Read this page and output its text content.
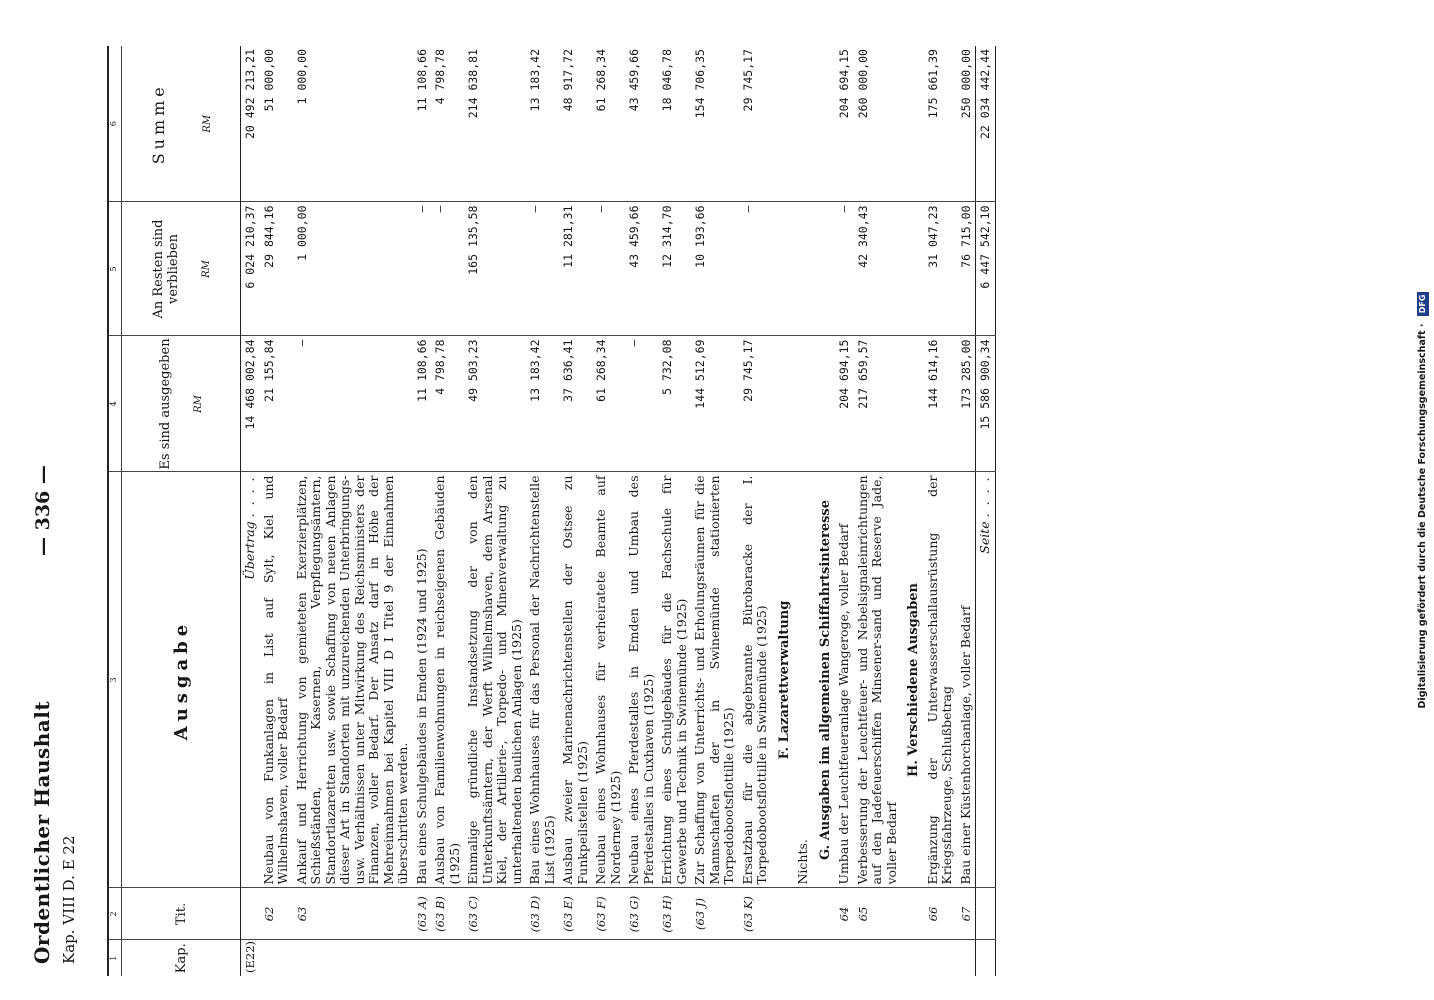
Ordentlicher Haushalt Kap. VIII D. E 22
— 336 —
1	2	3	4	5	6
Kap.	Tit.	Ausgabe	Es sind ausgegeben RM	An Resten sind verblieben RM	Summe RM

(E22)		Übertrag . . . .	14 468 002,84	6 024 210,37	20 492 213,21
	62	Neubau von Funkanlagen in List auf Sylt, Kiel und Wilhelmshaven, voller Bedarf	21 155,84	29 844,16	51 000,00
	63	Ankauf und Herrichtung von gemieteten Exerzierplätzen, Schießständen, Kasernen, Verpflegungsämtern, Standortlazaretten usw. sowie Schaffung von neuen Anlagen dieser Art in Standorten mit unzureichenden Unterbringungs- usw. Verhältnissen unter Mitwirkung des Reichsministers der Finanzen, voller Bedarf. Der Ansatz darf in Höhe der Mehreinnahmen bei Kapitel VIII D I Titel 9 der Einnahmen überschritten werden.	—	1 000,00	1 000,00
	(63 A)	Bau eines Schulgebäudes in Emden (1924 und 1925)	11 108,66	—	11 108,66
	(63 B)	Ausbau von Familienwohnungen in reichseigenen Gebäuden (1925)	4 798,78	—	4 798,78
	(63 C)	Einmalige gründliche Instandsetzung der von den Unterkunftsämtern, der Werft Wilhelmshaven, dem Arsenal Kiel, der Artillerie-, Torpedo- und Minenverwaltung zu unterhaltenden baulichen Anlagen (1925)	49 503,23	165 135,58	214 638,81
	(63 D)	Bau eines Wohnhauses für das Personal der Nachrichtenstelle List (1925)	13 183,42	—	13 183,42
	(63 E)	Ausbau zweier Marinenachrichtenstellen der Ostsee zu Funkpeilstellen (1925)	37 636,41	11 281,31	48 917,72
	(63 F)	Neubau eines Wohnhauses für verheiratete Beamte auf Norderney (1925)	61 268,34	—	61 268,34
	(63 G)	Neubau eines Pferdestalles in Emden und Umbau des Pferdestalles in Cuxhaven (1925)	—	43 459,66	43 459,66
	(63 H)	Errichtung eines Schulgebäudes für die Fachschule für Gewerbe und Technik in Swinemünde (1925)	5 732,08	12 314,70	18 046,78
	(63 J)	Zur Schaffung von Unterrichts- und Erholungsräumen für die Mannschaften der in Swinemünde stationierten Torpedobootsflottille (1925)	144 512,69	10 193,66	154 706,35
	(63 K)	Ersatzbau für die abgebrannte Bürobaracke der I. Torpedobootsflottille in Swinemünde (1925)	29 745,17	—	29 745,17
		F. Lazarettverwaltung			
		Nichts.			
		G. Ausgaben im allgemeinen Schiffahrtsinteresse			
	64	Umbau der Leuchtfeueranlage Wangeroge, voller Bedarf	204 694,15	—	204 694,15
	65	Verbesserung der Leuchtfeuer- und Nebelsignaleinrichtungen auf den Jadefeuerschiffen Minsener-sand und Reserve Jade, voller Bedarf	217 659,57	42 340,43	260 000,00
		H. Verschiedene Ausgaben			
	66	Ergänzung der Unterwasserschallausrüstung der Kriegsfahrzeuge, Schlußbetrag	144 614,16	31 047,23	175 661,39
	67	Bau einer Küstenhorchanlage, voller Bedarf	173 285,00	76 715,00	250 000,00
		Seite . . . .	15 586 900,34	6 447 542,10	22 034 442,44
Digitalisierung gefördert durch die Deutsche Forschungsgemeinschaft · DFG
